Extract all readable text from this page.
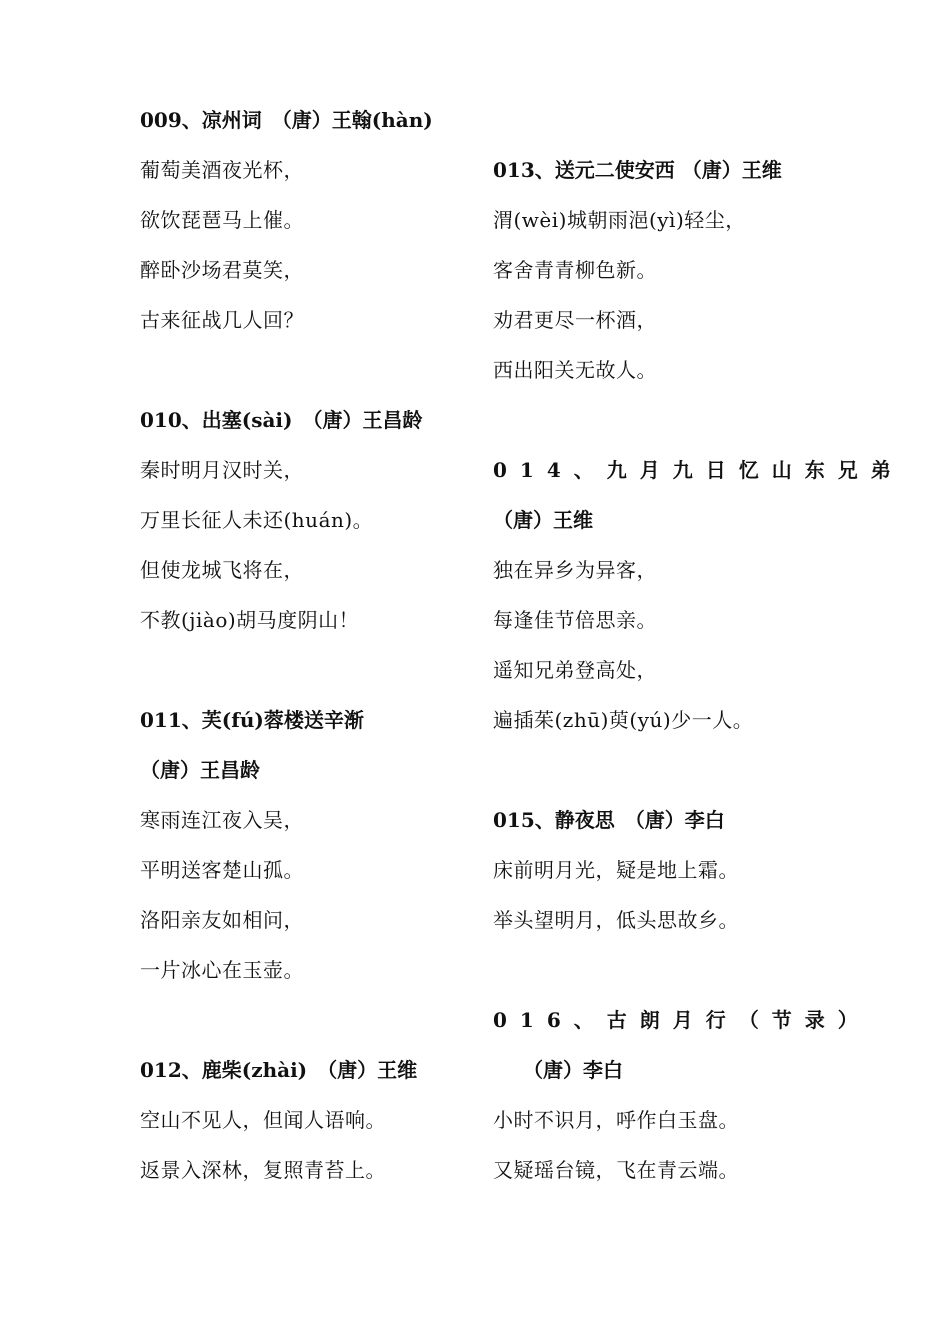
009、凉州词　（唐）王翰(hàn)
葡萄美酒夜光杯，
欲饮琵琶马上催。
醉卧沙场君莫笑，
古来征战几人回？
010、出塞(sài)　（唐）王昌龄
秦时明月汉时关，
万里长征人未还(huán)。
但使龙城飞将在，
不教(jiào)胡马度阴山！
011、芙(fú)蓉楼送辛渐
（唐）王昌龄
寒雨连江夜入吴，
平明送客楚山孤。
洛阳亲友如相问，
一片冰心在玉壶。
012、鹿柴(zhài)　（唐）王维
空山不见人，但闻人语响。
返景入深林，复照青苔上。
013、送元二使安西 （唐）王维
渭(wèi)城朝雨浥(yì)轻尘，
客舍青青柳色新。
劝君更尽一杯酒，
西出阳关无故人。
014、九月九日忆山东兄弟
（唐）王维
独在异乡为异客，
每逢佳节倍思亲。
遥知兄弟登高处，
遍插茱(zhū)萸(yú)少一人。
015、静夜思　（唐）李白
床前明月光，疑是地上霜。
举头望明月，低头思故乡。
016、古朗月行（节录）
（唐）李白
小时不识月，呼作白玉盘。
又疑瑶台镜，飞在青云端。
